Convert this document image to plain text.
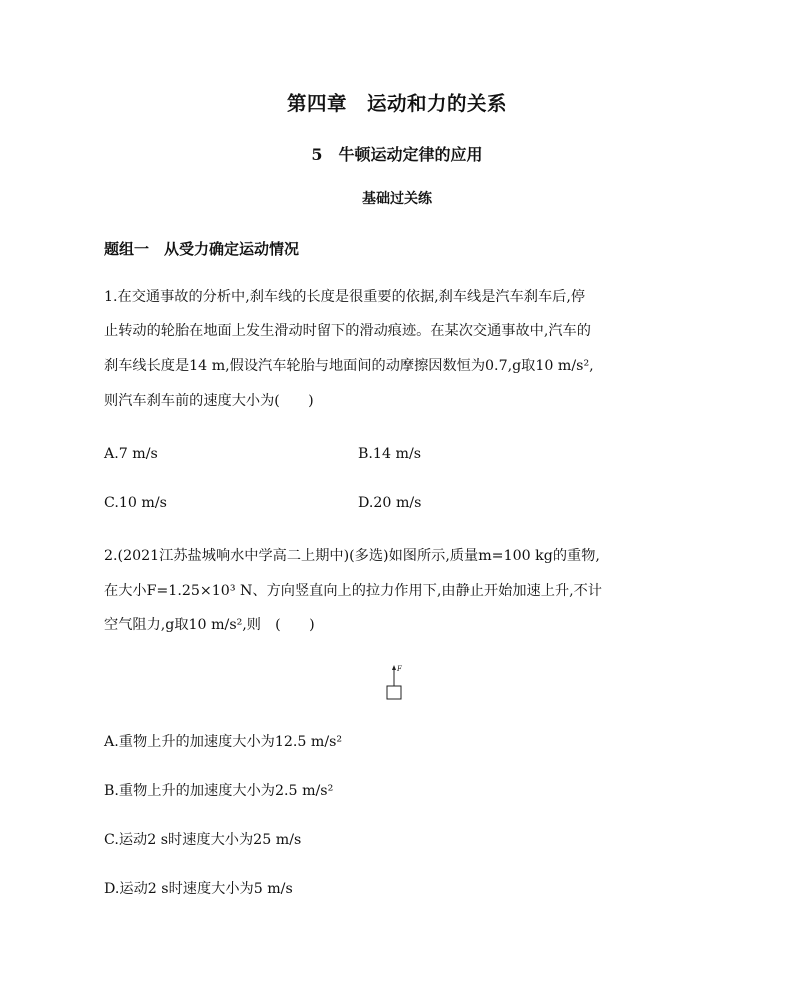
第四章　运动和力的关系
5　牛顿运动定律的应用
基础过关练
题组一　从受力确定运动情况
1.在交通事故的分析中,刹车线的长度是很重要的依据,刹车线是汽车刹车后,停
止转动的轮胎在地面上发生滑动时留下的滑动痕迹。在某次交通事故中,汽车的
刹车线长度是14 m,假设汽车轮胎与地面间的动摩擦因数恒为0.7,g取10 m/s²,
则汽车刹车前的速度大小为(　　)
A.7 m/s	B.14 m/s
C.10 m/s	D.20 m/s
2.(2021江苏盐城响水中学高二上期中)(多选)如图所示,质量m=100 kg的重物,
在大小F=1.25×10³ N、方向竖直向上的拉力作用下,由静止开始加速上升,不计
空气阻力,g取10 m/s²,则　(　　)
F
A.重物上升的加速度大小为12.5 m/s²
B.重物上升的加速度大小为2.5 m/s²
C.运动2 s时速度大小为25 m/s
D.运动2 s时速度大小为5 m/s
